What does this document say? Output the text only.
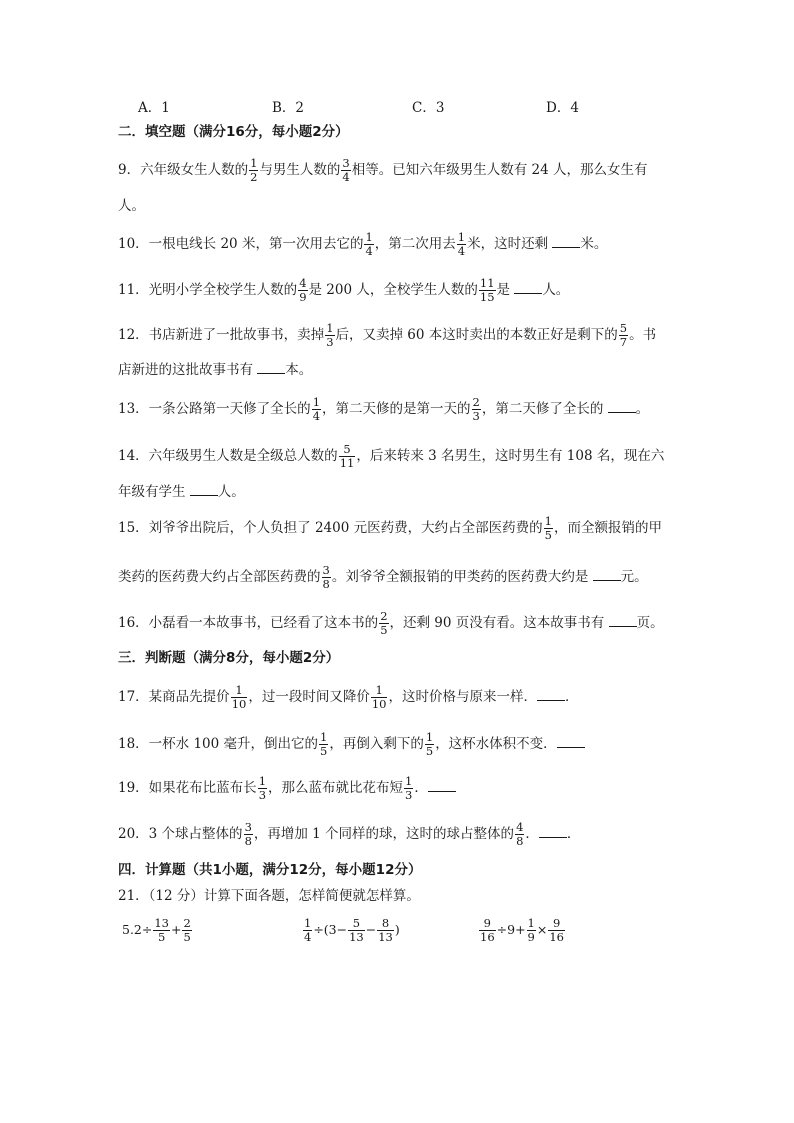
A．1	B．2	C．3	D．4
二．填空题（满分16分，每小题2分）
9．六年级女生人数的 $\frac{1}{2}$ 与男生人数的 $\frac{3}{4}$ 相等。已知六年级男生人数有 24 人，那么女生有
人。
10．一根电线长 20 米，第一次用去它的 $\frac{1}{4}$ ，第二次用去 $\frac{1}{4}$ 米，这时还剩 米。
11．光明小学全校学生人数的 $\frac{4}{9}$ 是 200 人，全校学生人数的 $\frac{11}{15}$ 是 人。
12．书店新进了一批故事书，卖掉 $\frac{1}{3}$ 后，又卖掉 60 本这时卖出的本数正好是剩下的 $\frac{5}{7}$ 。书
店新进的这批故事书有 本。
13．一条公路第一天修了全长的 $\frac{1}{4}$ ，第二天修的是第一天的 $\frac{2}{3}$ ，第二天修了全长的 。
14．六年级男生人数是全级总人数的 $\frac{5}{11}$ ，后来转来 3 名男生，这时男生有 108 名，现在六
年级有学生 人。
15．刘爷爷出院后，个人负担了 2400 元医药费，大约占全部医药费的 $\frac{1}{5}$ ，而全额报销的甲
类药的医药费大约占全部医药费的 $\frac{3}{8}$ 。刘爷爷全额报销的甲类药的医药费大约是 元。
16．小磊看一本故事书，已经看了这本书的 $\frac{2}{5}$ ，还剩 90 页没有看。这本故事书有 页。
三．判断题（满分8分，每小题2分）
17．某商品先提价 $\frac{1}{10}$ ，过一段时间又降价 $\frac{1}{10}$ ，这时价格与原来一样． ．
18．一杯水 100 毫升，倒出它的 $\frac{1}{5}$ ，再倒入剩下的 $\frac{1}{5}$ ，这杯水体积不变．
19．如果花布比蓝布长 $\frac{1}{3}$ ，那么蓝布就比花布短 $\frac{1}{3}$ ．
20．3 个球占整体的 $\frac{3}{8}$ ，再增加 1 个同样的球，这时的球占整体的 $\frac{4}{8}$ ． ．
四．计算题（共1小题，满分12分，每小题12分）
21．（12 分）计算下面各题，怎样简便就怎样算。
$5.2\div \frac{13}{5} + \frac{2}{5}$	$\frac{1}{4} \div(3- \frac{5}{13} - \frac{8}{13}$ )	$\frac{9}{16} \div 9+ \frac{1}{9} \times \frac{9}{16}$
